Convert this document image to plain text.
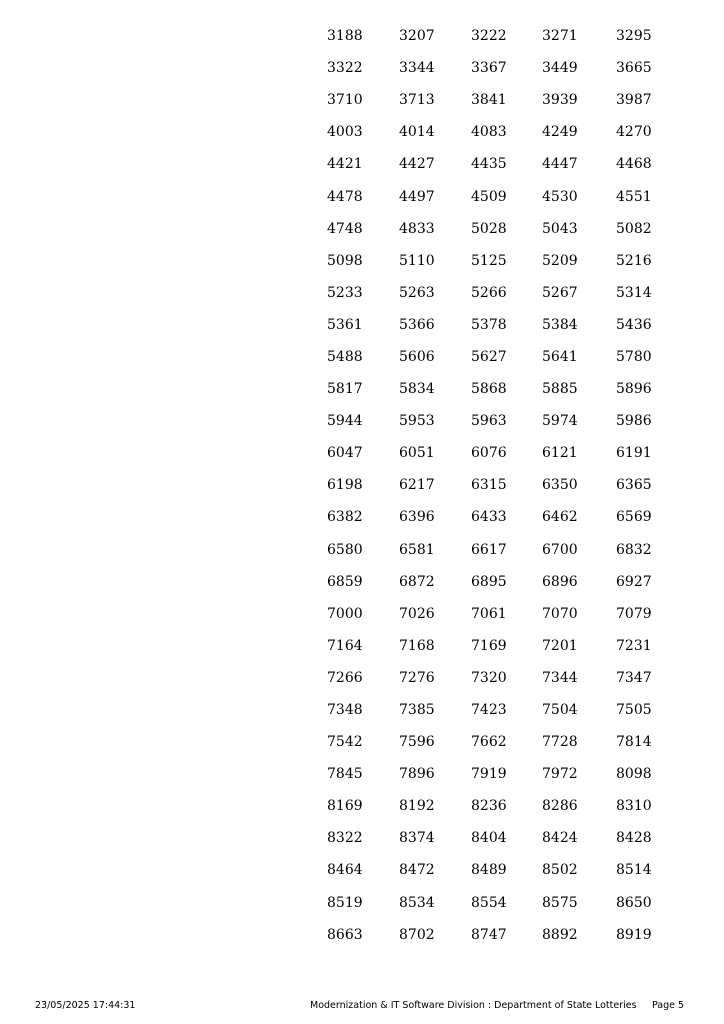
3188	3207	3222	3271	3295
3322	3344	3367	3449	3665
3710	3713	3841	3939	3987
4003	4014	4083	4249	4270
4421	4427	4435	4447	4468
4478	4497	4509	4530	4551
4748	4833	5028	5043	5082
5098	5110	5125	5209	5216
5233	5263	5266	5267	5314
5361	5366	5378	5384	5436
5488	5606	5627	5641	5780
5817	5834	5868	5885	5896
5944	5953	5963	5974	5986
6047	6051	6076	6121	6191
6198	6217	6315	6350	6365
6382	6396	6433	6462	6569
6580	6581	6617	6700	6832
6859	6872	6895	6896	6927
7000	7026	7061	7070	7079
7164	7168	7169	7201	7231
7266	7276	7320	7344	7347
7348	7385	7423	7504	7505
7542	7596	7662	7728	7814
7845	7896	7919	7972	8098
8169	8192	8236	8286	8310
8322	8374	8404	8424	8428
8464	8472	8489	8502	8514
8519	8534	8554	8575	8650
8663	8702	8747	8892	8919
23/05/2025 17:44:31	Modernization & IT Software Division : Department of State Lotteries Page 5
